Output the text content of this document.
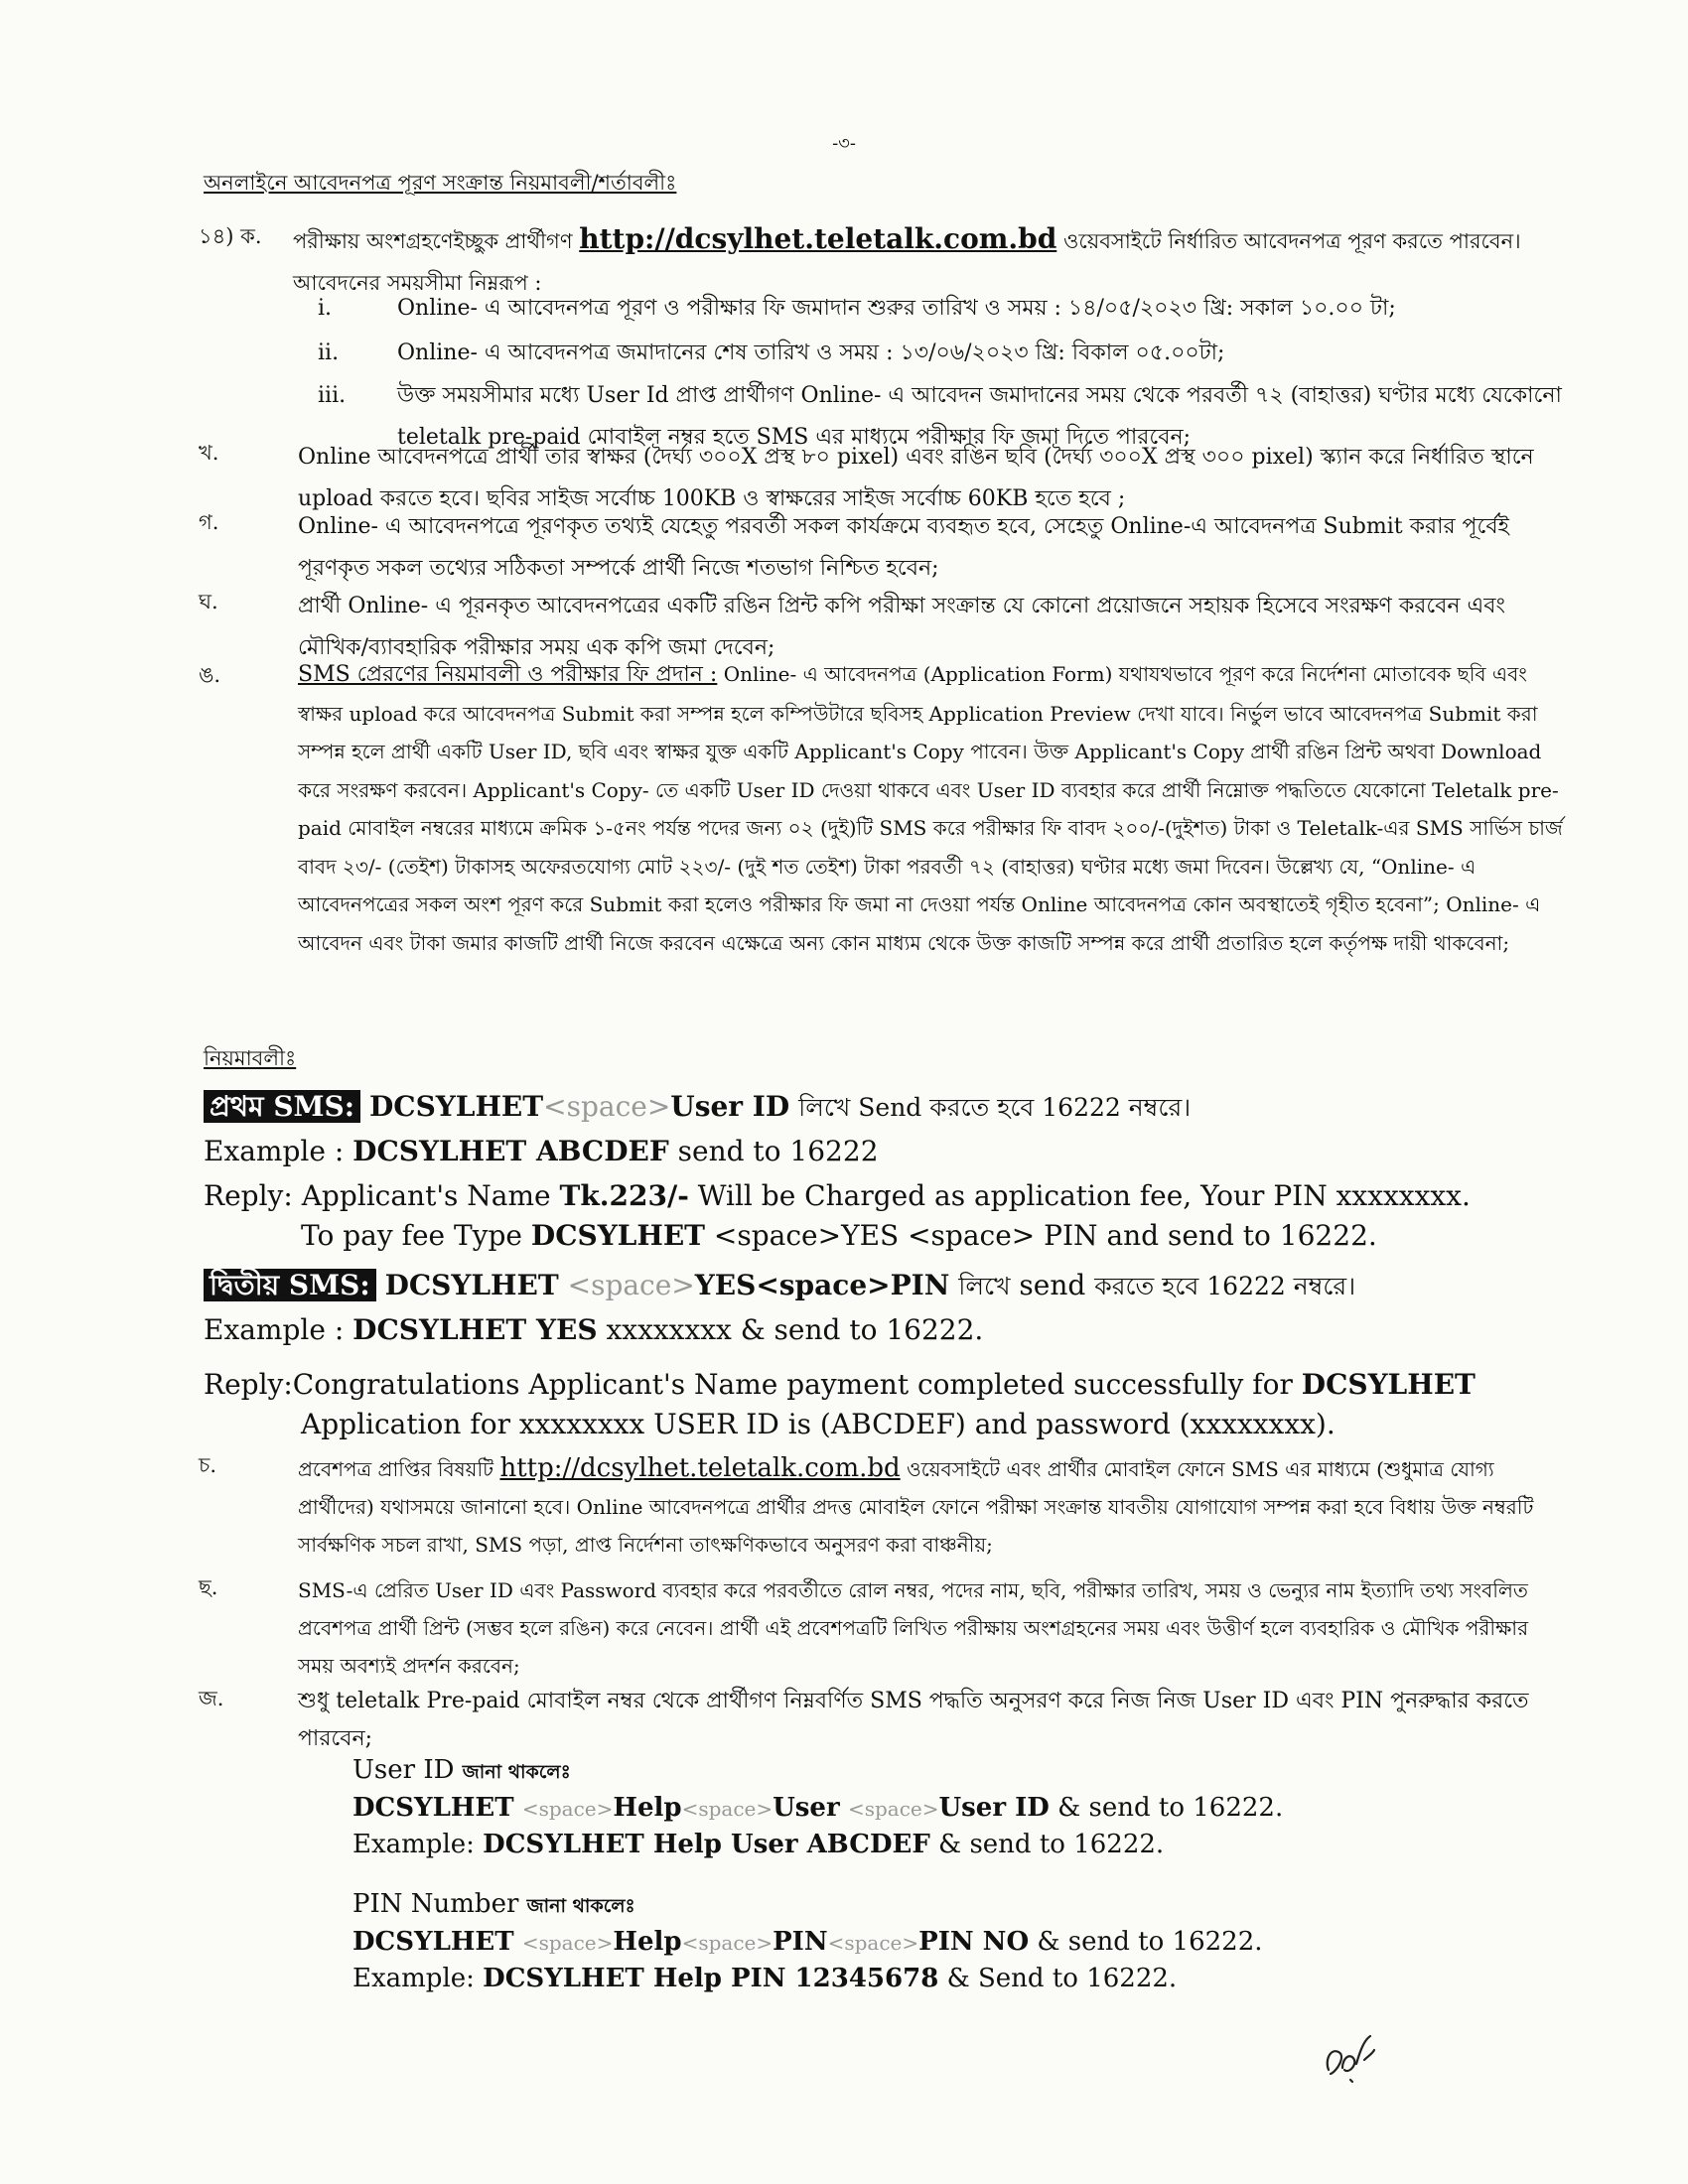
-৩-
অনলাইনে আবেদনপত্র পূরণ সংক্রান্ত নিয়মাবলী/শর্তাবলীঃ
১৪) ক. পরীক্ষায় অংশগ্রহণেইচ্ছুক প্রার্থীগণ http://dcsylhet.teletalk.com.bd ওয়েবসাইটে নির্ধারিত আবেদনপত্র পূরণ করতে পারবেন। আবেদনের সময়সীমা নিম্নরূপ :
i.	Online- এ আবেদনপত্র পূরণ ও পরীক্ষার ফি জমাদান শুরুর তারিখ ও সময় : ১৪/০৫/২০২৩ খ্রি: সকাল ১০.০০ টা;
ii.	Online- এ আবেদনপত্র জমাদানের শেষ তারিখ ও সময় : ১৩/০৬/২০২৩ খ্রি: বিকাল ০৫.০০টা;
iii.	উক্ত সময়সীমার মধ্যে User Id প্রাপ্ত প্রার্থীগণ Online- এ আবেদন জমাদানের সময় থেকে পরবর্তী ৭২ (বাহাত্তর) ঘণ্টার মধ্যে যেকোনো teletalk pre-paid মোবাইল নম্বর হতে SMS এর মাধ্যমে পরীক্ষার ফি জমা দিতে পারবেন;
খ.	Online আবেদনপত্রে প্রার্থী তার স্বাক্ষর (দৈর্ঘ্য ৩০০X প্রস্থ ৮০ pixel) এবং রঙিন ছবি (দৈর্ঘ্য ৩০০X প্রস্থ ৩০০ pixel) স্ক্যান করে নির্ধারিত স্থানে upload করতে হবে। ছবির সাইজ সর্বোচ্চ 100KB ও স্বাক্ষরের সাইজ সর্বোচ্চ 60KB হতে হবে ;
গ.	Online- এ আবেদনপত্রে পূরণকৃত তথ্যই যেহেতু পরবর্তী সকল কার্যক্রমে ব্যবহৃত হবে, সেহেতু Online-এ আবেদনপত্র Submit করার পূর্বেই পূরণকৃত সকল তথ্যের সঠিকতা সম্পর্কে প্রার্থী নিজে শতভাগ নিশ্চিত হবেন;
ঘ.	প্রার্থী Online- এ পূরনকৃত আবেদনপত্রের একটি রঙিন প্রিন্ট কপি পরীক্ষা সংক্রান্ত যে কোনো প্রয়োজনে সহায়ক হিসেবে সংরক্ষণ করবেন এবং মৌখিক/ব্যাবহারিক পরীক্ষার সময় এক কপি জমা দেবেন;
ঙ.	SMS প্রেরণের নিয়মাবলী ও পরীক্ষার ফি প্রদান : Online- এ আবেদনপত্র (Application Form) যথাযথভাবে পূরণ করে নির্দেশনা মোতাবেক ছবি এবং স্বাক্ষর upload করে আবেদনপত্র Submit করা সম্পন্ন হলে কম্পিউটারে ছবিসহ Application Preview দেখা যাবে। নির্ভুল ভাবে আবেদনপত্র Submit করা সম্পন্ন হলে প্রার্থী একটি User ID, ছবি এবং স্বাক্ষর যুক্ত একটি Applicant's Copy পাবেন। উক্ত Applicant's Copy প্রার্থী রঙিন প্রিন্ট অথবা Download করে সংরক্ষণ করবেন। Applicant's Copy- তে একটি User ID দেওয়া থাকবে এবং User ID ব্যবহার করে প্রার্থী নিম্নোক্ত পদ্ধতিতে যেকোনো Teletalk pre-paid মোবাইল নম্বরের মাধ্যমে ক্রমিক ১-৫নং পর্যন্ত পদের জন্য ০২ (দুই)টি SMS করে পরীক্ষার ফি বাবদ ২০০/-(দুইশত) টাকা ও Teletalk-এর SMS সার্ভিস চার্জ বাবদ ২৩/- (তেইশ) টাকাসহ অফেরতযোগ্য মোট ২২৩/- (দুই শত তেইশ) টাকা পরবর্তী ৭২ (বাহাত্তর) ঘণ্টার মধ্যে জমা দিবেন। উল্লেখ্য যে, “Online- এ আবেদনপত্রের সকল অংশ পূরণ করে Submit করা হলেও পরীক্ষার ফি জমা না দেওয়া পর্যন্ত Online আবেদনপত্র কোন অবস্থাতেই গৃহীত হবেনা”; Online- এ আবেদন এবং টাকা জমার কাজটি প্রার্থী নিজে করবেন এক্ষেত্রে অন্য কোন মাধ্যম থেকে উক্ত কাজটি সম্পন্ন করে প্রার্থী প্রতারিত হলে কর্তৃপক্ষ দায়ী থাকবেনা;
নিয়মাবলীঃ
প্রথম SMS: DCSYLHET<space>User ID লিখে Send করতে হবে 16222 নম্বরে।
Example : DCSYLHET ABCDEF send to 16222
Reply: Applicant's Name Tk.223/- Will be Charged as application fee, Your PIN xxxxxxxx.
To pay fee Type DCSYLHET <space>YES <space> PIN and send to 16222.
দ্বিতীয় SMS: DCSYLHET <space>YES<space>PIN লিখে send করতে হবে 16222 নম্বরে।
Example : DCSYLHET YES xxxxxxxx & send to 16222.
Reply:Congratulations Applicant's Name payment completed successfully for DCSYLHET
Application for xxxxxxxx USER ID is (ABCDEF) and password (xxxxxxxx).
চ.	প্রবেশপত্র প্রাপ্তির বিষয়টি http://dcsylhet.teletalk.com.bd ওয়েবসাইটে এবং প্রার্থীর মোবাইল ফোনে SMS এর মাধ্যমে (শুধুমাত্র যোগ্য প্রার্থীদের) যথাসময়ে জানানো হবে। Online আবেদনপত্রে প্রার্থীর প্রদত্ত মোবাইল ফোনে পরীক্ষা সংক্রান্ত যাবতীয় যোগাযোগ সম্পন্ন করা হবে বিধায় উক্ত নম্বরটি সার্বক্ষণিক সচল রাখা, SMS পড়া, প্রাপ্ত নির্দেশনা তাৎক্ষণিকভাবে অনুসরণ করা বাঞ্চনীয়;
ছ.	SMS-এ প্রেরিত User ID এবং Password ব্যবহার করে পরবর্তীতে রোল নম্বর, পদের নাম, ছবি, পরীক্ষার তারিখ, সময় ও ভেন্যুর নাম ইত্যাদি তথ্য সংবলিত প্রবেশপত্র প্রার্থী প্রিন্ট (সম্ভব হলে রঙিন) করে নেবেন। প্রার্থী এই প্রবেশপত্রটি লিখিত পরীক্ষায় অংশগ্রহনের সময় এবং উত্তীর্ণ হলে ব্যবহারিক ও মৌখিক পরীক্ষার সময় অবশ্যই প্রদর্শন করবেন;
জ.	শুধু teletalk Pre-paid মোবাইল নম্বর থেকে প্রার্থীগণ নিম্নবর্ণিত SMS পদ্ধতি অনুসরণ করে নিজ নিজ User ID এবং PIN পুনরুদ্ধার করতে পারবেন;
User ID জানা থাকলেঃ
DCSYLHET <space>Help<space>User <space>User ID & send to 16222.
Example: DCSYLHET Help User ABCDEF & send to 16222.
PIN Number জানা থাকলেঃ
DCSYLHET <space>Help<space>PIN<space>PIN NO & send to 16222.
Example: DCSYLHET Help PIN 12345678 & Send to 16222.
